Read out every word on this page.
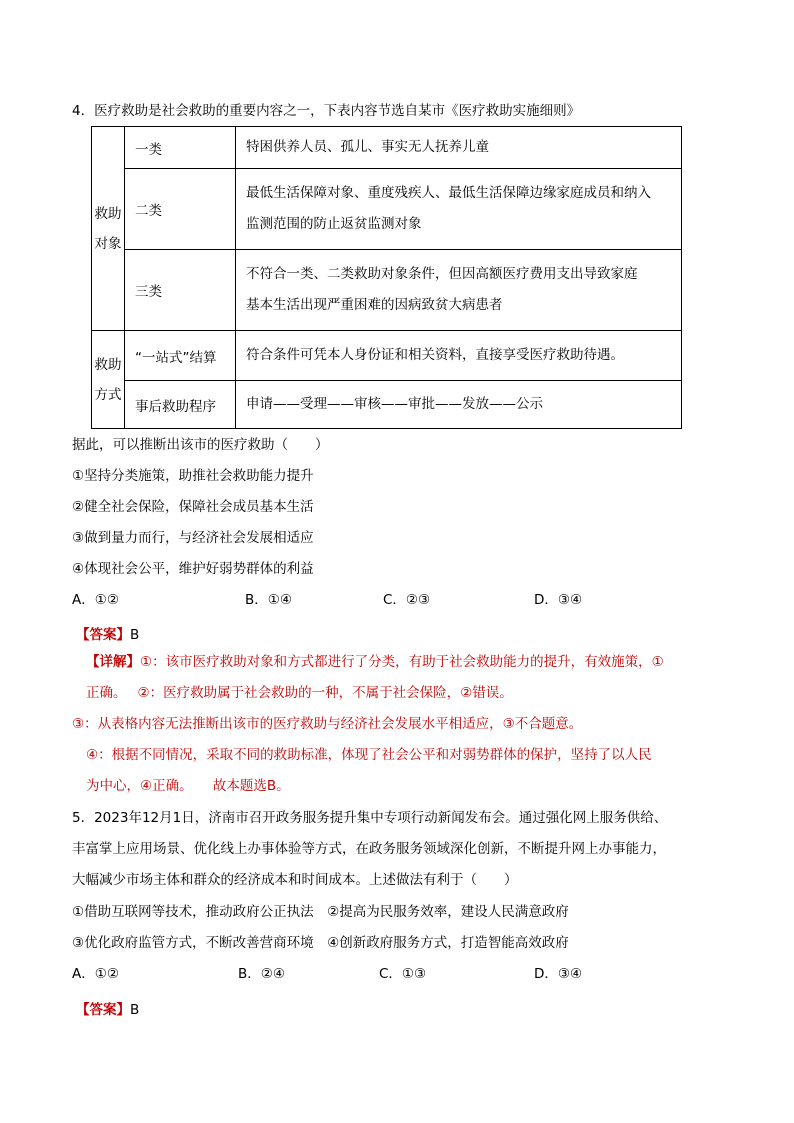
4．医疗救助是社会救助的重要内容之一，下表内容节选自某市《医疗救助实施细则》
救助
对象	一类	特困供养人员、孤儿、事实无人抚养儿童
	二类	最低生活保障对象、重度残疾人、最低生活保障边缘家庭成员和纳入
监测范围的防止返贫监测对象

	三类	不符合一类、二类救助对象条件，但因高额医疗费用支出导致家庭
基本生活出现严重困难的因病致贫大病患者

救助
方式	“一站式”结算	符合条件可凭本人身份证和相关资料，直接享受医疗救助待遇。
	事后救助程序	申请——受理——审核——审批——发放——公示
据此，可以推断出该市的医疗救助（　　）
①坚持分类施策，助推社会救助能力提升
②健全社会保险，保障社会成员基本生活
③做到量力而行，与经济社会发展相适应
④体现社会公平，维护好弱势群体的利益
A．①②	B．①④	C．②③	D．③④
【答案】B
【详解】①：该市医疗救助对象和方式都进行了分类，有助于社会救助能力的提升，有效施策，①
正确。　 ②：医疗救助属于社会救助的一种，不属于社会保险，②错误。
③：从表格内容无法推断出该市的医疗救助与经济社会发展水平相适应，③不合题意。
④：根据不同情况，采取不同的救助标准，体现了社会公平和对弱势群体的保护，坚持了以人民
为中心，④正确。　　故本题选B。
5．2023年12月1日，济南市召开政务服务提升集中专项行动新闻发布会。通过强化网上服务供给、
丰富掌上应用场景、优化线上办事体验等方式，在政务服务领域深化创新，不断提升网上办事能力，
大幅减少市场主体和群众的经济成本和时间成本。上述做法有利于（　　）
①借助互联网等技术，推动政府公正执法　②提高为民服务效率，建设人民满意政府
③优化政府监管方式，不断改善营商环境　④创新政府服务方式，打造智能高效政府
A．①②	B．②④	C．①③	D．③④
【答案】B
